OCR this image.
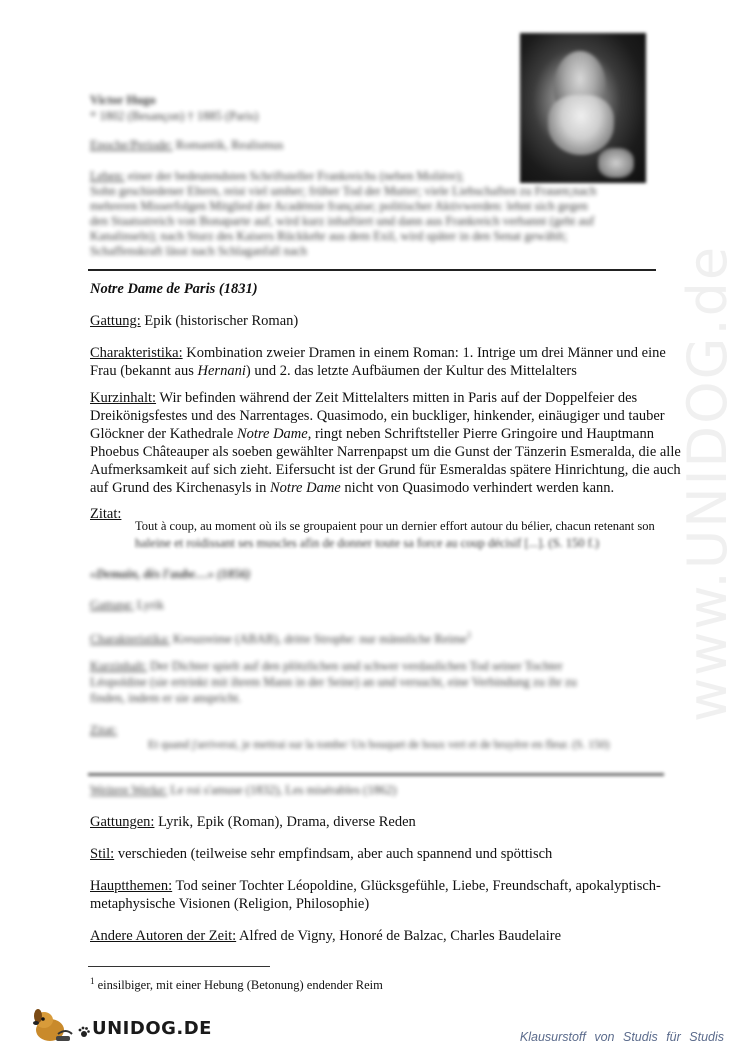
www.UNIDOG.de
Victor Hugo
* 1802 (Besançon) † 1885 (Paris)
Epoche/Periode: Romantik, Realismus
Leben: einer der bedeutendsten Schriftsteller Frankreichs (neben Molière);
Sohn geschiedener Eltern, reist viel umher; früher Tod der Mutter; viele Liebschaften zu Frauen;nach
mehreren Misserfolgen Mitglied der Académie française; politischer Aktivwerden: lehnt sich gegen
den Staatsstreich von Bonaparte auf, wird kurz inhaftiert und dann aus Frankreich verbannt (geht auf
Kanalinseln); nach Sturz des Kaisers Rückkehr aus dem Exil, wird später in den Senat gewählt;
Schaffenskraft lässt nach Schlaganfall nach
Notre Dame de Paris (1831)
Gattung: Epik (historischer Roman)
Charakteristika: Kombination zweier Dramen in einem Roman: 1. Intrige um drei Männer und eine
Frau (bekannt aus Hernani) und 2. das letzte Aufbäumen der Kultur des Mittelalters
Kurzinhalt: Wir befinden während der Zeit Mittelalters mitten in Paris auf der Doppelfeier des
Dreikönigsfestes und des Narrentages. Quasimodo, ein buckliger, hinkender, einäugiger und tauber
Glöckner der Kathedrale Notre Dame, ringt neben Schriftsteller Pierre Gringoire und Hauptmann
Phoebus Châteauper als soeben gewählter Narrenpapst um die Gunst der Tänzerin Esmeralda, die alle
Aufmerksamkeit auf sich zieht. Eifersucht ist der Grund für Esmeraldas spätere Hinrichtung, die auch
auf Grund des Kirchenasyls in Notre Dame nicht von Quasimodo verhindert werden kann.
Zitat:
Tout à coup, au moment où ils se groupaient pour un dernier effort autour du bélier, chacun retenant son
haleine et roidissant ses muscles afin de donner toute sa force au coup décisif [...]. (S. 150 f.)
«Demain, dès l'aube…» (1856)
Gattung: Lyrik
Charakteristika: Kreuzreime (ABAB), dritte Strophe: nur männliche Reime$^1$
Kurzinhalt: Der Dichter spielt auf den plötzlichen und schwer verdaulichen Tod seiner Tochter
Léopoldine (sie ertrinkt mit ihrem Mann in der Seine) an und versucht, eine Verbindung zu ihr zu
finden, indem er sie anspricht.
Zitat:
Et quand j'arriverai, je mettrai sur la tombe/ Un bouquet de houx vert et de bruyère en fleur. (S. 150)
Weitere Werke: Le roi s'amuse (1832), Les misérables (1862)
Gattungen: Lyrik, Epik (Roman), Drama, diverse Reden
Stil: verschieden (teilweise sehr empfindsam, aber auch spannend und spöttisch
Hauptthemen: Tod seiner Tochter Léopoldine, Glücksgefühle, Liebe, Freundschaft, apokalyptisch-
metaphysische Visionen (Religion, Philosophie)
Andere Autoren der Zeit: Alfred de Vigny, Honoré de Balzac, Charles Baudelaire
$^1$ einsilbiger, mit einer Hebung (Betonung) endender Reim
UNIDOG.DE	Klausurstoff von Studis für Studis
